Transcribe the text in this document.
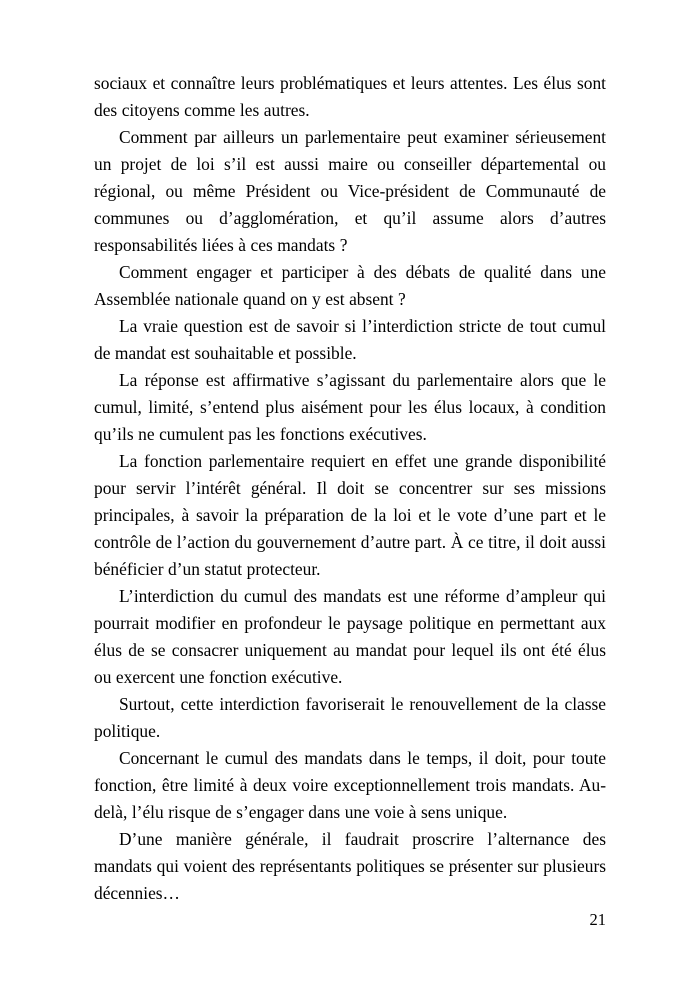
sociaux et connaître leurs problématiques et leurs attentes. Les élus sont des citoyens comme les autres.

Comment par ailleurs un parlementaire peut examiner sérieusement un projet de loi s’il est aussi maire ou conseiller départemental ou régional, ou même Président ou Vice-président de Communauté de communes ou d’agglomération, et qu’il assume alors d’autres responsabilités liées à ces mandats ?

Comment engager et participer à des débats de qualité dans une Assemblée nationale quand on y est absent ?

La vraie question est de savoir si l’interdiction stricte de tout cumul de mandat est souhaitable et possible.

La réponse est affirmative s’agissant du parlementaire alors que le cumul, limité, s’entend plus aisément pour les élus locaux, à condition qu’ils ne cumulent pas les fonctions exécutives.

La fonction parlementaire requiert en effet une grande disponibilité pour servir l’intérêt général. Il doit se concentrer sur ses missions principales, à savoir la préparation de la loi et le vote d’une part et le contrôle de l’action du gouvernement d’autre part. À ce titre, il doit aussi bénéficier d’un statut protecteur.

L’interdiction du cumul des mandats est une réforme d’ampleur qui pourrait modifier en profondeur le paysage politique en permettant aux élus de se consacrer uniquement au mandat pour lequel ils ont été élus ou exercent une fonction exécutive.

Surtout, cette interdiction favoriserait le renouvellement de la classe politique.

Concernant le cumul des mandats dans le temps, il doit, pour toute fonction, être limité à deux voire exceptionnellement trois mandats. Au-delà, l’élu risque de s’engager dans une voie à sens unique.

D’une manière générale, il faudrait proscrire l’alternance des mandats qui voient des représentants politiques se présenter sur plusieurs décennies…

21
